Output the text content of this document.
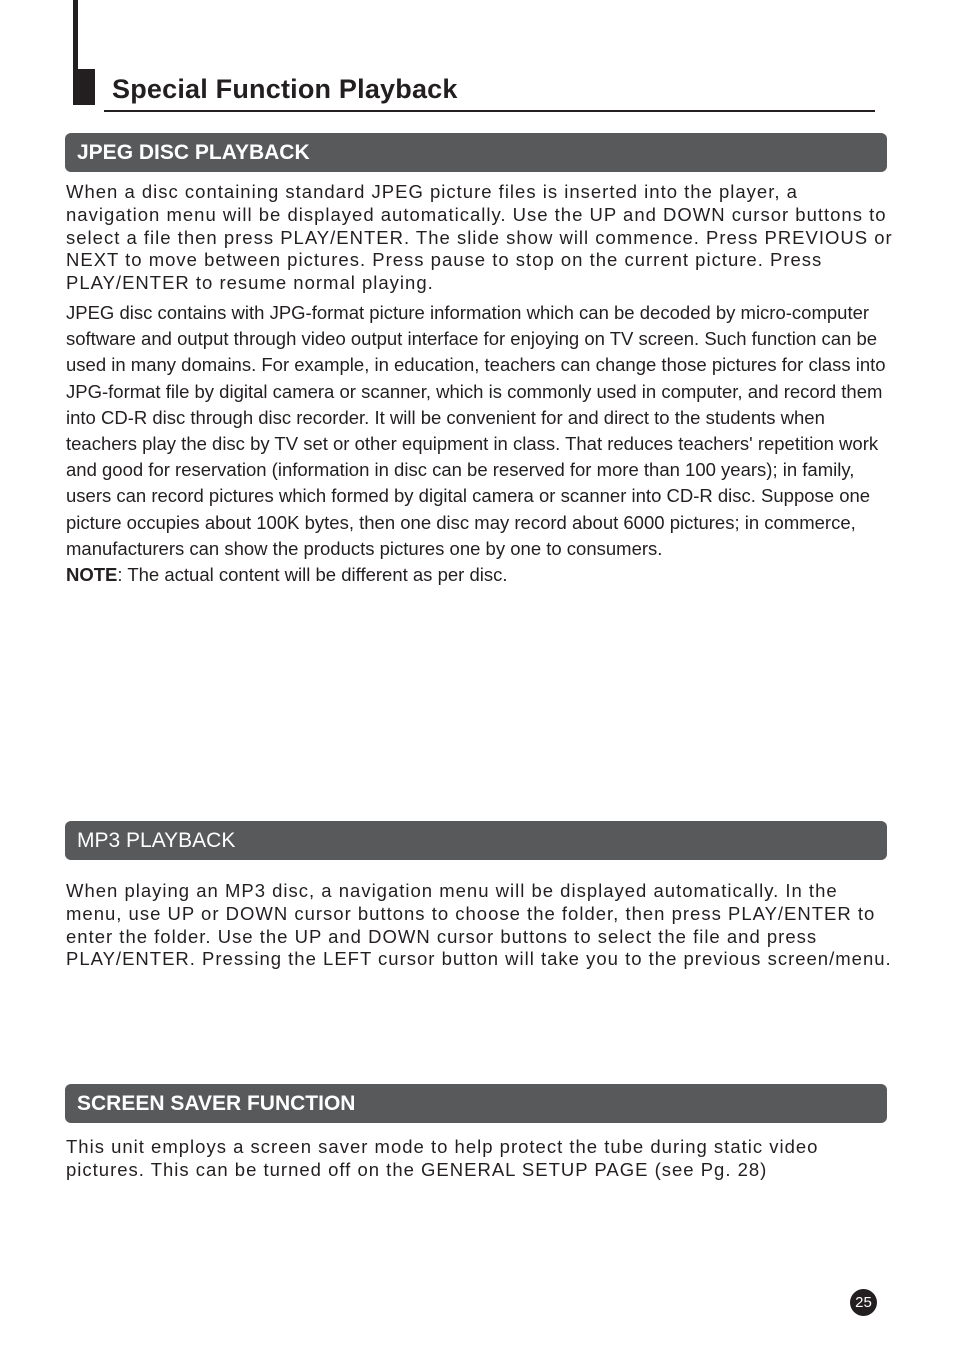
Special Function Playback
JPEG DISC PLAYBACK

When a disc containing standard JPEG picture files is inserted into the player, a navigation menu will be displayed automatically. Use the UP and DOWN cursor buttons to select a file then press PLAY/ENTER. The slide show will commence. Press PREVIOUS or NEXT to move between pictures. Press pause to stop on the current picture. Press PLAY/ENTER to resume normal playing.

JPEG disc contains with JPG-format picture information which can be decoded by micro-computer software and output through video output interface for enjoying on TV screen. Such function can be used in many domains. For example, in education, teachers can change those pictures for class into JPG-format file by digital camera or scanner, which is commonly used in computer, and record them into CD-R disc through disc recorder. It will be convenient for and direct to the students when teachers play the disc by TV set or other equipment in class. That reduces teachers' repetition work and good for reservation (information in disc can be reserved for more than 100 years); in family, users can record pictures which formed by digital camera or scanner into CD-R disc. Suppose one picture occupies about 100K bytes, then one disc may record about 6000 pictures; in commerce, manufacturers can show the products pictures one by one to consumers.
NOTE: The actual content will be different as per disc.
MP3 PLAYBACK

When playing an MP3 disc, a navigation menu will be displayed automatically. In the menu, use UP or DOWN cursor buttons to choose the folder, then press PLAY/ENTER to enter the folder. Use the UP and DOWN cursor buttons to select the file and press PLAY/ENTER. Pressing the LEFT cursor button will take you to the previous screen/menu.

SCREEN SAVER FUNCTION

This unit employs a screen saver mode to help protect the tube during static video pictures. This can be turned off on the GENERAL SETUP PAGE (see Pg. 28)

25
